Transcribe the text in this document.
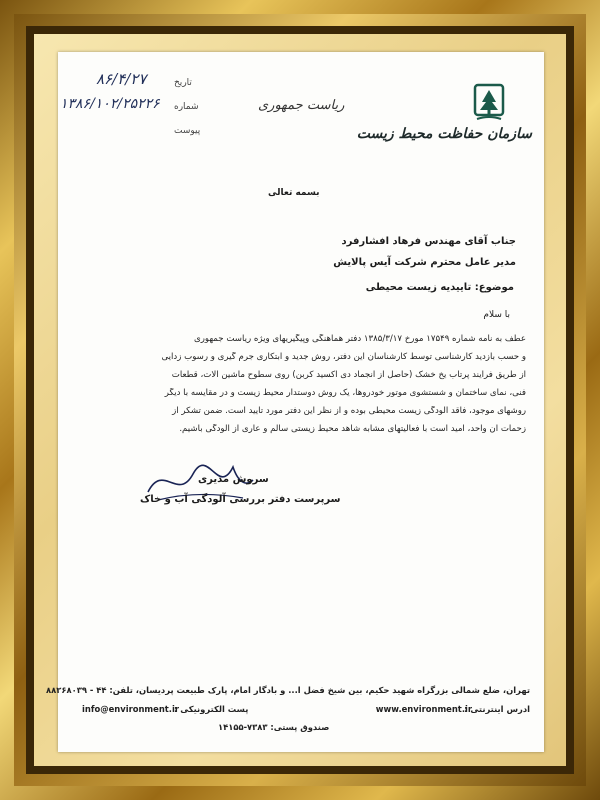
سازمان حفاظت محیط زیست
ریاست جمهوری
تاریخ
۸۶/۴/۲۷
شماره
۱۳۸۶/۱۰۲/۲۵۲۲۶
پیوست
بسمه تعالی
جناب آقای مهندس فرهاد افشارفرد
مدیر عامل محترم شرکت آیس پالایش
موضوع: تاییدیه زیست محیطی
با سلام
عطف به نامه شماره ۱۷۵۴۹ مورخ ۱۳۸۵/۳/۱۷ دفتر هماهنگی وپیگیریهای ویژه ریاست جمهوری
و حسب بازدید کارشناسی توسط کارشناسان این دفتر، روش جدید و ابتکاری جرم گیری و رسوب زدایی
از طریق فرآیند پرتاب یخ خشک (حاصل از انجماد دی اکسید کربن) روی سطوح ماشین آلات، قطعات
فنی، نمای ساختمان و شستشوی موتور خودروها، یک روش دوستدار محیط زیست و در مقایسه با دیگر
روشهای موجود، فاقد آلودگی زیست محیطی بوده و از نظر این دفتر مورد تایید است. ضمن تشکر از
زحمات آن واحد، امید است با فعالیتهای مشابه شاهد محیط زیستی سالم و عاری از آلودگی باشیم.
سروش مدیری
سرپرست دفتر بررسی آلودگی آب و خاک
تهران، ضلع شمالی بزرگراه شهید حکیم، بین شیخ فضل ا... و بادگار امام، پارک طبیعت پردیسان، تلفن: ۴۴ - ۸۸۲۶۸۰۳۹
ادرس اینترنتی :
www.environment.ir
پست الکترونیکی :
info@environment.ir
صندوق پستی: ۷۳۸۳-۱۴۱۵۵
